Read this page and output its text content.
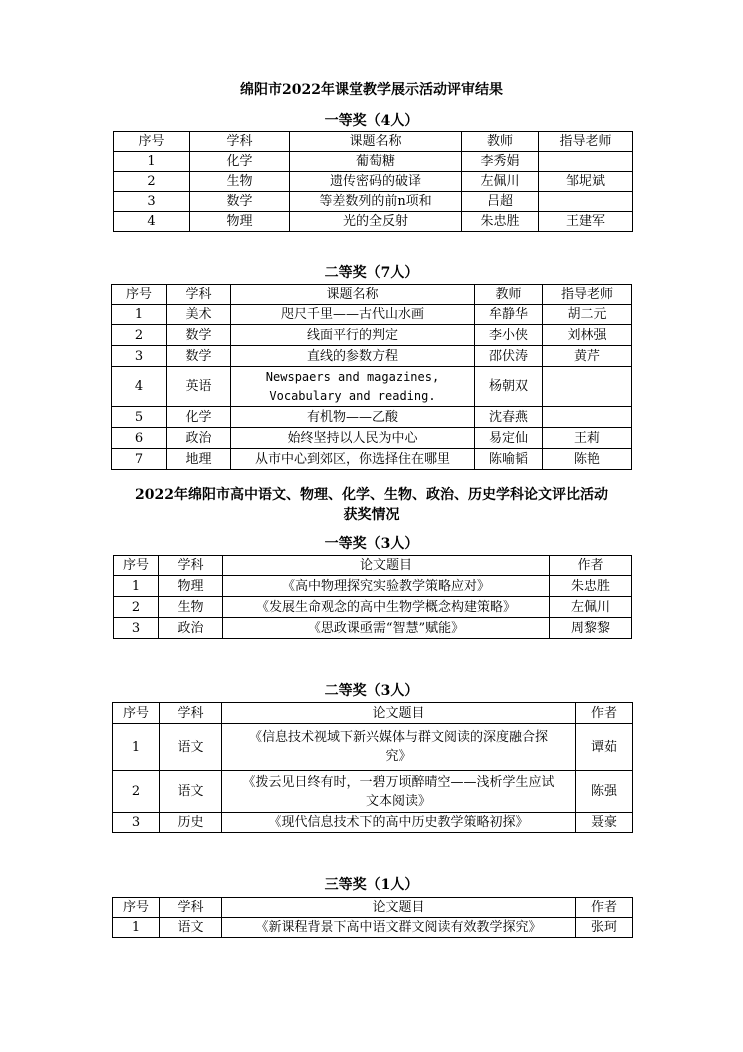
绵阳市2022年课堂教学展示活动评审结果
一等奖（4人）
序号	学科	课题名称	教师	指导老师
1	化学	葡萄糖	李秀娟	
2	生物	遗传密码的破译	左佩川	邹坭斌
3	数学	等差数列的前n项和	吕超	
4	物理	光的全反射	朱忠胜	王建军
二等奖（7人）
序号	学科	课题名称	教师	指导老师
1	美术	咫尺千里——古代山水画	牟静华	胡二元
2	数学	线面平行的判定	李小侠	刘林强
3	数学	直线的参数方程	邵伏涛	黄芹
4	英语	Newspaers and magazines, Vocabulary and reading.	杨朝双	
5	化学	有机物——乙酸	沈春燕	
6	政治	始终坚持以人民为中心	易定仙	王莉
7	地理	从市中心到郊区，你选择住在哪里	陈喻韬	陈艳
2022年绵阳市高中语文、物理、化学、生物、政治、历史学科论文评比活动
获奖情况
一等奖（3人）
序号	学科	论文题目	作者
1	物理	《高中物理探究实验教学策略应对》	朱忠胜
2	生物	《发展生命观念的高中生物学概念构建策略》	左佩川
3	政治	《思政课亟需“智慧”赋能》	周黎黎
二等奖（3人）
序号	学科	论文题目	作者
1	语文	《信息技术视域下新兴媒体与群文阅读的深度融合探究》	谭茹
2	语文	《拨云见日终有时，一碧万顷醉晴空——浅析学生应试文本阅读》	陈强
3	历史	《现代信息技术下的高中历史教学策略初探》	聂豪
三等奖（1人）
序号	学科	论文题目	作者
1	语文	《新课程背景下高中语文群文阅读有效教学探究》	张珂
